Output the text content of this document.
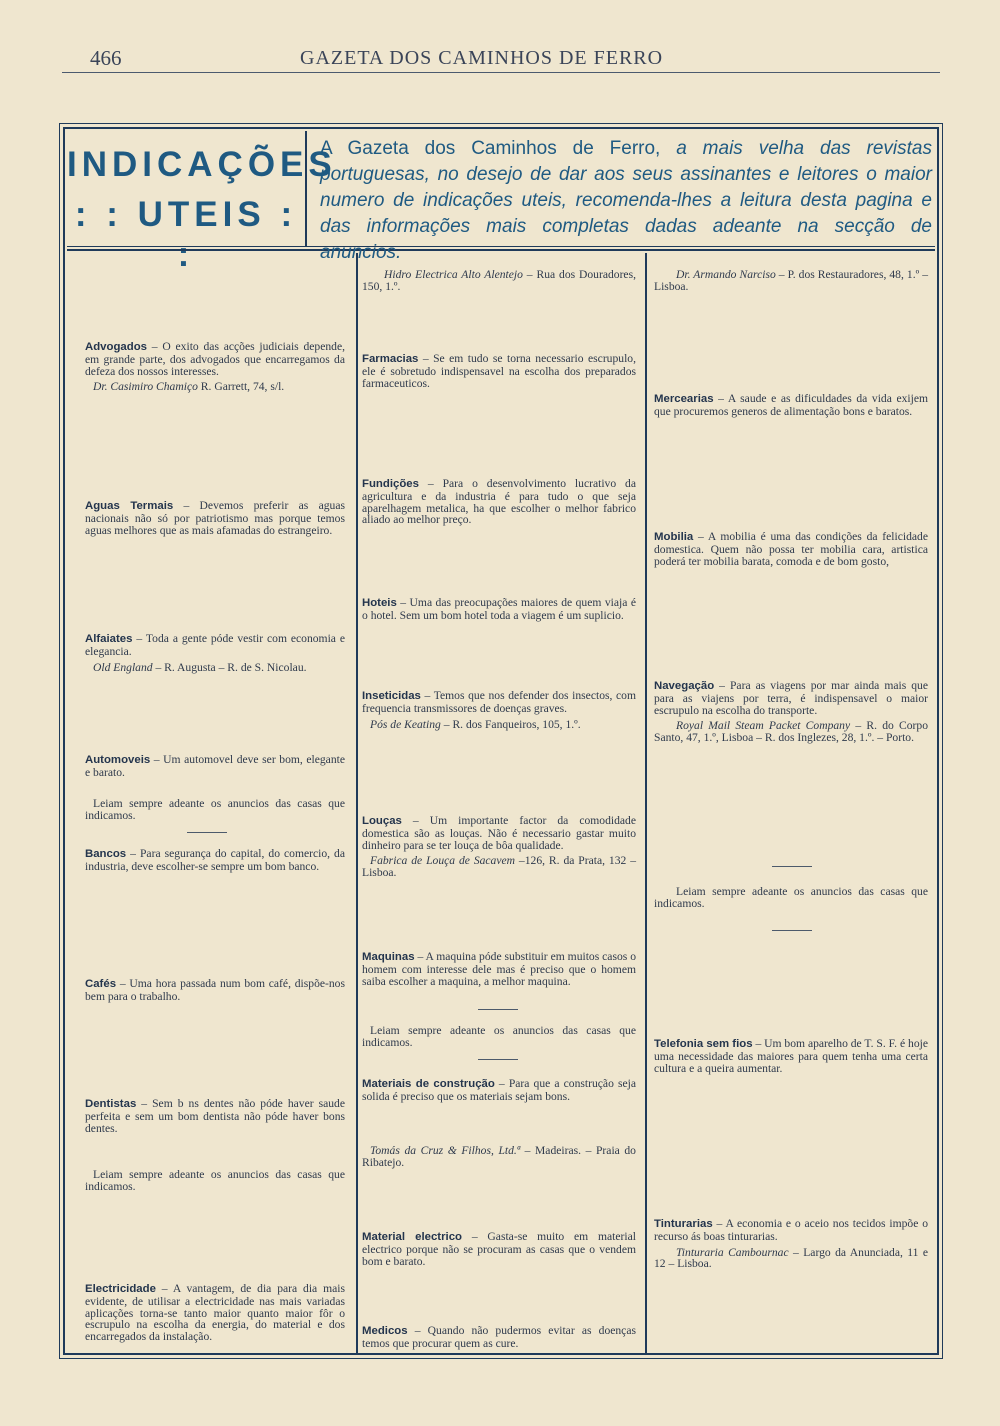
466	GAZETA DOS CAMINHOS DE FERRO
INDICAÇÕES
: : UTEIS : :
A Gazeta dos Caminhos de Ferro, a mais velha das revistas portuguesas, no desejo de dar aos seus assinantes e leitores o maior numero de indicações uteis, recomenda-lhes a leitura desta pagina e das informações mais completas dadas adeante na secção de anuncios.

Advogados – O exito das acções judiciais depende, em grande parte, dos advogados que encarregamos da defeza dos nossos interesses.

Dr. Casimiro Chamiço R. Garrett, 74, s/l.

Aguas Termais – Devemos preferir as aguas nacionais não só por patriotismo mas porque temos aguas melhores que as mais afamadas do estrangeiro.

Alfaiates – Toda a gente póde vestir com economia e elegancia.

Old England – R. Augusta – R. de S. Nicolau.

Automoveis – Um automovel deve ser bom, elegante e barato.

Leiam sempre adeante os anuncios das casas que indicamos.

Bancos – Para segurança do capital, do comercio, da industria, deve escolher-se sempre um bom banco.

Cafés – Uma hora passada num bom café, dispõe-nos bem para o trabalho.

Dentistas – Sem b ns dentes não póde haver saude perfeita e sem um bom dentista não póde haver bons dentes.

Leiam sempre adeante os anuncios das casas que indicamos.

Electricidade – A vantagem, de dia para dia mais evidente, de utilisar a electricidade nas mais variadas aplicações torna-se tanto maior quanto maior fôr o escrupulo na escolha da energia, do material e dos encarregados da instalação.

Hidro Electrica Alto Alentejo – Rua dos Douradores, 150, 1.º.

Farmacias – Se em tudo se torna necessario escrupulo, ele é sobretudo indispensavel na escolha dos preparados farmaceuticos.

Fundições – Para o desenvolvimento lucrativo da agricultura e da industria é para tudo o que seja aparelhagem metalica, ha que escolher o melhor fabrico aliado ao melhor preço.

Hoteis – Uma das preocupações maiores de quem viaja é o hotel. Sem um bom hotel toda a viagem é um suplicio.

Inseticidas – Temos que nos defender dos insectos, com frequencia transmissores de doenças graves.

Pós de Keating – R. dos Fanqueiros, 105, 1.º.

Louças – Um importante factor da comodidade domestica são as louças. Não é necessario gastar muito dinheiro para se ter louça de bôa qualidade.

Fabrica de Louça de Sacavem –126, R. da Prata, 132 – Lisboa.

Maquinas – A maquina póde substituir em muitos casos o homem com interesse dele mas é preciso que o homem saiba escolher a maquina, a melhor maquina.

Leiam sempre adeante os anuncios das casas que indicamos.

Materiais de construção – Para que a construção seja solida é preciso que os materiais sejam bons.

Tomás da Cruz & Filhos, Ltd.ª – Madeiras. – Praia do Ribatejo.

Material electrico – Gasta-se muito em material electrico porque não se procuram as casas que o vendem bom e barato.

Medicos – Quando não pudermos evitar as doenças temos que procurar quem as cure.

Dr. Armando Narciso – P. dos Restauradores, 48, 1.º – Lisboa.

Mercearias – A saude e as dificuldades da vida exijem que procuremos generos de alimentação bons e baratos.

Mobilia – A mobilia é uma das condições da felicidade domestica. Quem não possa ter mobilia cara, artistica poderá ter mobilia barata, comoda e de bom gosto,

Navegação – Para as viagens por mar ainda mais que para as viajens por terra, é indispensavel o maior escrupulo na escolha do transporte.

Royal Mail Steam Packet Company – R. do Corpo Santo, 47, 1.º, Lisboa – R. dos Inglezes, 28, 1.º. – Porto.

Leiam sempre adeante os anuncios das casas que indicamos.

Telefonia sem fios – Um bom aparelho de T. S. F. é hoje uma necessidade das maiores para quem tenha uma certa cultura e a queira aumentar.

Tinturarias – A economia e o aceio nos tecidos impõe o recurso ás boas tinturarias.

Tinturaria Cambournac – Largo da Anunciada, 11 e 12 – Lisboa.
